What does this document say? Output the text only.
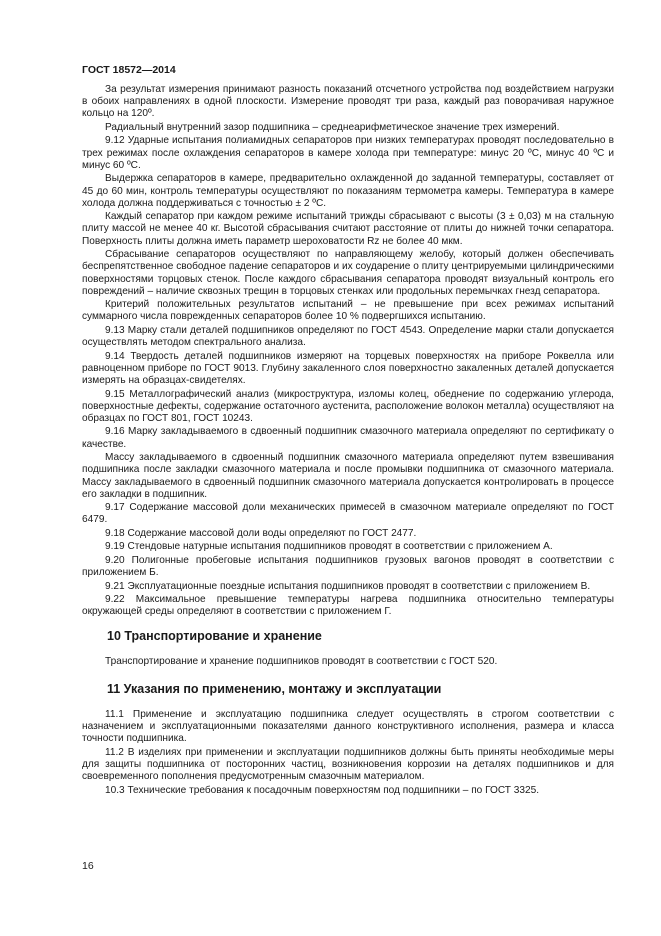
ГОСТ 18572—2014

За результат измерения принимают разность показаний отсчетного устройства под воздействием нагрузки в обоих направлениях в одной плоскости. Измерение проводят три раза, каждый раз поворачивая наружное кольцо на 120º.

Радиальный внутренний зазор подшипника – среднеарифметическое значение трех измерений.

9.12 Ударные испытания полиамидных сепараторов при низких температурах проводят последовательно в трех режимах после охлаждения сепараторов в камере холода при температуре: минус 20 ºС, минус 40 ºС и минус 60 ºС.

Выдержка сепараторов в камере, предварительно охлажденной до заданной температуры, составляет от 45 до 60 мин, контроль температуры осуществляют по показаниям термометра камеры. Температура в камере холода должна поддерживаться с точностью ± 2 ºС.

Каждый сепаратор при каждом режиме испытаний трижды сбрасывают с высоты (3 ± 0,03) м на стальную плиту массой не менее 40 кг. Высотой сбрасывания считают расстояние от плиты до нижней точки сепаратора. Поверхность плиты должна иметь параметр шероховатости Rz не более 40 мкм.

Сбрасывание сепараторов осуществляют по направляющему желобу, который должен обеспечивать беспрепятственное свободное падение сепараторов и их соударение о плиту центрируемыми цилиндрическими поверхностями торцовых стенок. После каждого сбрасывания сепаратора проводят визуальный контроль его повреждений – наличие сквозных трещин в торцовых стенках или продольных перемычках гнезд сепаратора.

Критерий положительных результатов испытаний – не превышение при всех режимах испытаний суммарного числа поврежденных сепараторов более 10 % подвергшихся испытанию.

9.13 Марку стали деталей подшипников определяют по ГОСТ 4543. Определение марки стали допускается осуществлять методом спектрального анализа.

9.14 Твердость деталей подшипников измеряют на торцевых поверхностях на приборе Роквелла или равноценном приборе по ГОСТ 9013. Глубину закаленного слоя поверхностно закаленных деталей допускается измерять на образцах-свидетелях.

9.15 Металлографический анализ (микроструктура, изломы колец, обеднение по содержанию углерода, поверхностные дефекты, содержание остаточного аустенита, расположение волокон металла) осуществляют на образцах по ГОСТ 801, ГОСТ 10243.

9.16 Марку закладываемого в сдвоенный подшипник смазочного материала определяют по сертификату о качестве.

Массу закладываемого в сдвоенный подшипник смазочного материала определяют путем взвешивания подшипника после закладки смазочного материала и после промывки подшипника от смазочного материала. Массу закладываемого в сдвоенный подшипник смазочного материала допускается контролировать в процессе его закладки в подшипник.

9.17 Содержание массовой доли механических примесей в смазочном материале определяют по ГОСТ 6479.

9.18 Содержание массовой доли воды определяют по ГОСТ 2477.

9.19 Стендовые натурные испытания подшипников проводят в соответствии с приложением А.

9.20 Полигонные пробеговые испытания подшипников грузовых вагонов проводят в соответствии с приложением Б.

9.21 Эксплуатационные поездные испытания подшипников проводят в соответствии с приложением В.

9.22 Максимальное превышение температуры нагрева подшипника относительно температуры окружающей среды определяют в соответствии с приложением Г.

10 Транспортирование и хранение

Транспортирование и хранение подшипников проводят в соответствии с ГОСТ 520.

11 Указания по применению, монтажу и эксплуатации

11.1 Применение и эксплуатацию подшипника следует осуществлять в строгом соответствии с назначением и эксплуатационными показателями данного конструктивного исполнения, размера и класса точности подшипника.

11.2 В изделиях при применении и эксплуатации подшипников должны быть приняты необходимые меры для защиты подшипника от посторонних частиц, возникновения коррозии на деталях подшипников и для своевременного пополнения предусмотренным смазочным материалом.

10.3 Технические требования к посадочным поверхностям под подшипники – по ГОСТ 3325.

16
